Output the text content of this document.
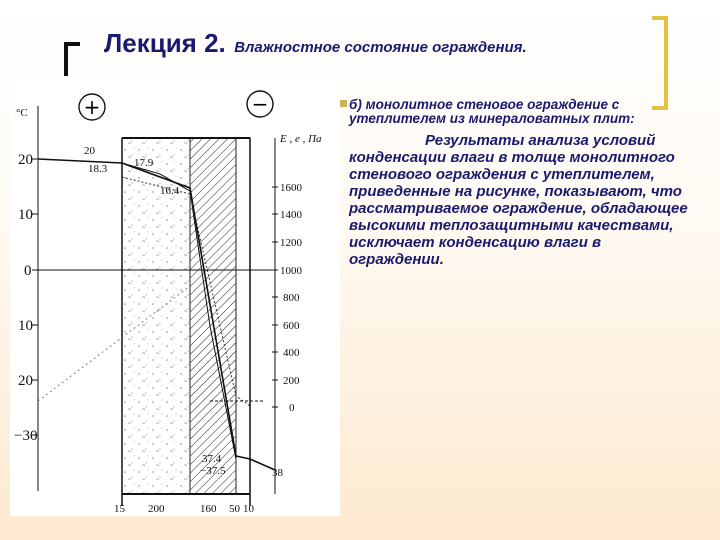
Лекция 2. Влажностное состояние ограждения.
°C
20
10
0
10
20
−30
+	−
E , e , Па
1600
1400
1200
1000
800
600
400
200
0
20
18.3 17.9
16.4
37.4
−37.5	38
15 200	160 50 10

б) монолитное стеновое ограждение с утеплителем из минераловатных плит:

Результаты анализа условий конденсации влаги в толще монолитного стенового ограждения с утеплителем, приведенные на рисунке, показывают, что рассматриваемое ограждение, обладающее высокими теплозащитными качествами, исключает конденсацию влаги в ограждении.
